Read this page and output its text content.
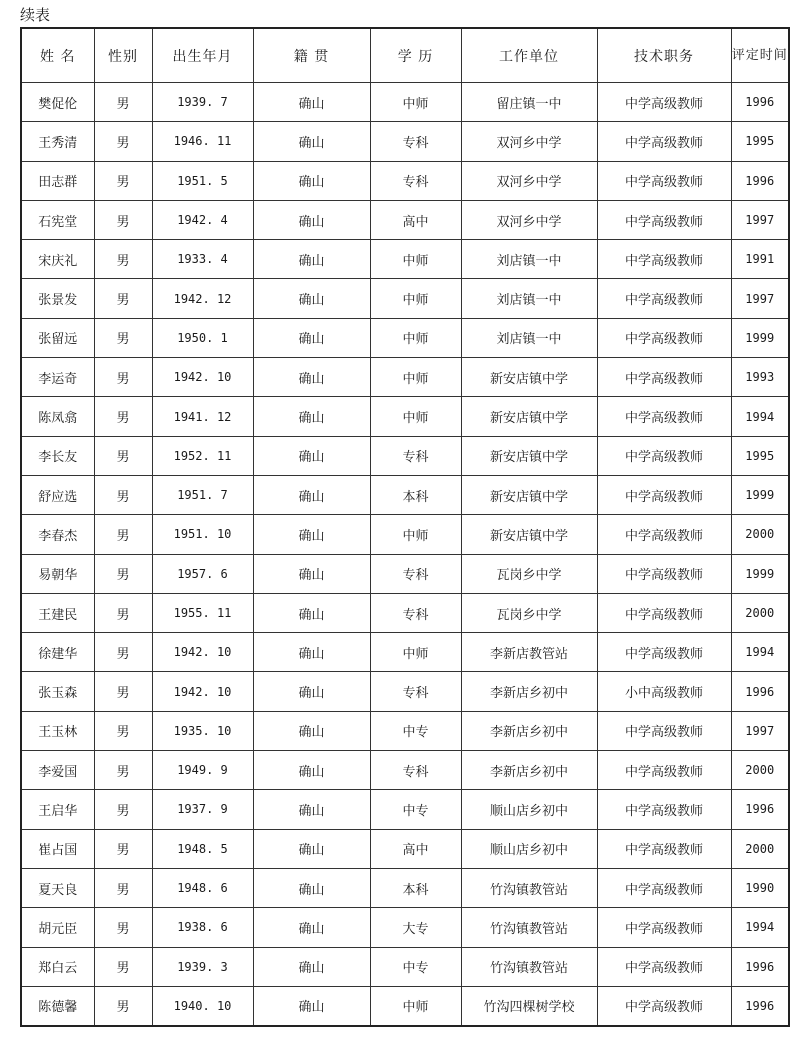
续表
姓 名	性别	出生年月	籍 贯	学 历	工作单位	技术职务	评定时间
樊促伦	男	1939. 7	确山	中师	留庄镇一中	中学高级教师	1996
王秀清	男	1946. 11	确山	专科	双河乡中学	中学高级教师	1995
田志群	男	1951. 5	确山	专科	双河乡中学	中学高级教师	1996
石宪堂	男	1942. 4	确山	高中	双河乡中学	中学高级教师	1997
宋庆礼	男	1933. 4	确山	中师	刘店镇一中	中学高级教师	1991
张景发	男	1942. 12	确山	中师	刘店镇一中	中学高级教师	1997
张留远	男	1950. 1	确山	中师	刘店镇一中	中学高级教师	1999
李运奇	男	1942. 10	确山	中师	新安店镇中学	中学高级教师	1993
陈凤翕	男	1941. 12	确山	中师	新安店镇中学	中学高级教师	1994
李长友	男	1952. 11	确山	专科	新安店镇中学	中学高级教师	1995
舒应选	男	1951. 7	确山	本科	新安店镇中学	中学高级教师	1999
李春杰	男	1951. 10	确山	中师	新安店镇中学	中学高级教师	2000
易朝华	男	1957. 6	确山	专科	瓦岗乡中学	中学高级教师	1999
王建民	男	1955. 11	确山	专科	瓦岗乡中学	中学高级教师	2000
徐建华	男	1942. 10	确山	中师	李新店教管站	中学高级教师	1994
张玉森	男	1942. 10	确山	专科	李新店乡初中	小中高级教师	1996
王玉林	男	1935. 10	确山	中专	李新店乡初中	中学高级教师	1997
李爱国	男	1949. 9	确山	专科	李新店乡初中	中学高级教师	2000
王启华	男	1937. 9	确山	中专	顺山店乡初中	中学高级教师	1996
崔占国	男	1948. 5	确山	高中	顺山店乡初中	中学高级教师	2000
夏天良	男	1948. 6	确山	本科	竹沟镇教管站	中学高级教师	1990
胡元臣	男	1938. 6	确山	大专	竹沟镇教管站	中学高级教师	1994
郑白云	男	1939. 3	确山	中专	竹沟镇教管站	中学高级教师	1996
陈德馨	男	1940. 10	确山	中师	竹沟四棵树学校	中学高级教师	1996
